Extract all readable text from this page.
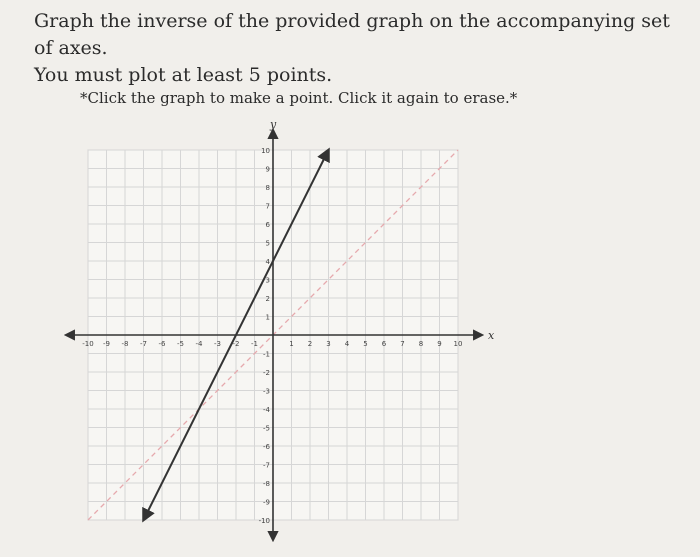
Graph the inverse of the provided graph on the accompanying set of axes.
You must plot at least 5 points.

*Click the graph to make a point. Click it again to erase.*

-10 -9 -8 -7 -6 -5 -4 -3 -2 -1	1 2 3 4 5 6 7 8 9 10
10
9
8
7
6
5
4
3
2
1
-1
-2
-3
-4
-5
-6
-7
-8
-9
-10
x
y
